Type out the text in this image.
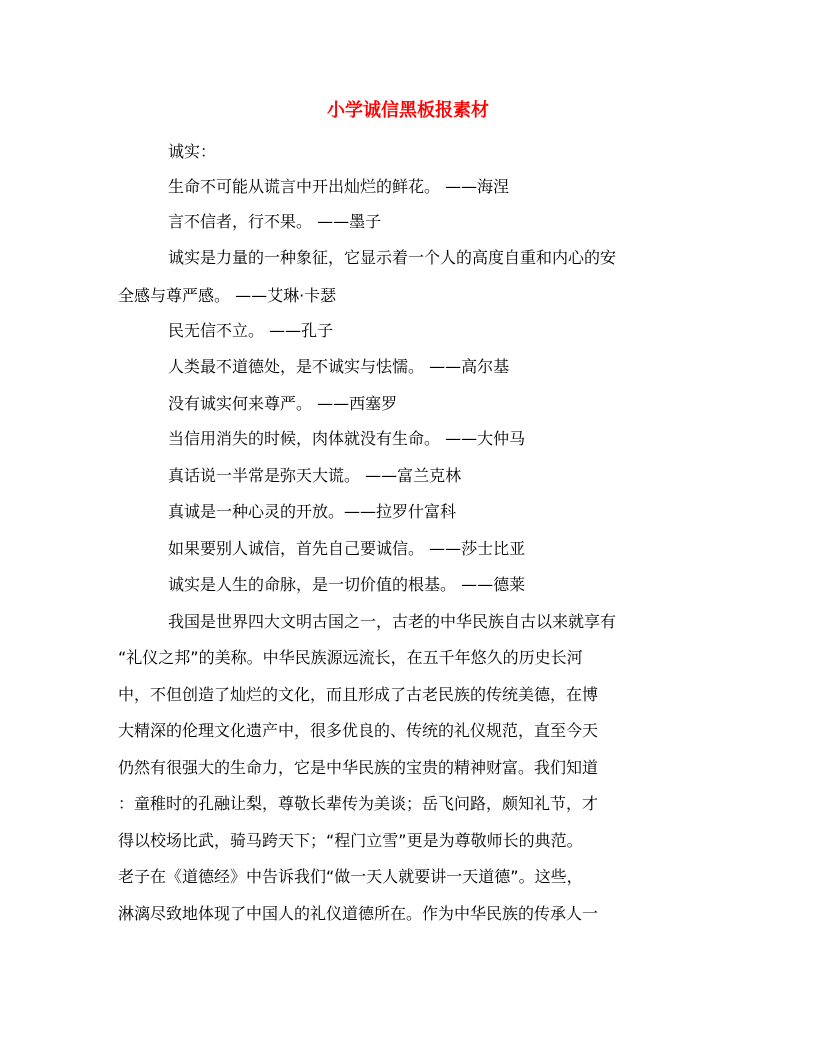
小学诚信黑板报素材
诚实：
生命不可能从谎言中开出灿烂的鲜花。 ——海涅
言不信者，行不果。 ——墨子
诚实是力量的一种象征，它显示着一个人的高度自重和内心的安
全感与尊严感。 ——艾琳·卡瑟
民无信不立。 ——孔子
人类最不道德处，是不诚实与怯懦。 ——高尔基
没有诚实何来尊严。 ——西塞罗
当信用消失的时候，肉体就没有生命。 ——大仲马
真话说一半常是弥天大谎。 ——富兰克林
真诚是一种心灵的开放。——拉罗什富科
如果要别人诚信，首先自己要诚信。 ——莎士比亚
诚实是人生的命脉，是一切价值的根基。 ——德莱
我国是世界四大文明古国之一，古老的中华民族自古以来就享有
“礼仪之邦”的美称。中华民族源远流长，在五千年悠久的历史长河
中，不但创造了灿烂的文化，而且形成了古老民族的传统美德，在博
大精深的伦理文化遗产中，很多优良的、传统的礼仪规范，直至今天
仍然有很强大的生命力，它是中华民族的宝贵的精神财富。我们知道
：童稚时的孔融让梨，尊敬长辈传为美谈；岳飞问路，颇知礼节，才
得以校场比武，骑马跨天下；“程门立雪”更是为尊敬师长的典范。
老子在《道德经》中告诉我们“做一天人就要讲一天道德”。这些，
淋漓尽致地体现了中国人的礼仪道德所在。作为中华民族的传承人一
